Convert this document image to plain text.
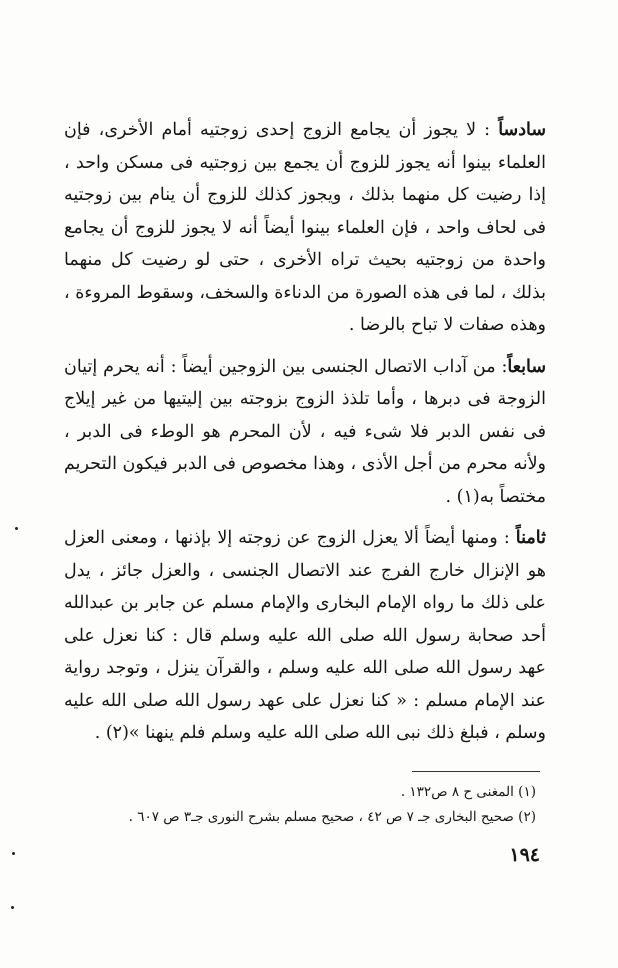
سادساً : لا يجوز أن يجامع الزوج إحدى زوجتيه أمام الأخرى، فإن العلماء بينوا أنه يجوز للزوج أن يجمع بين زوجتيه فى مسكن واحد ، إذا رضيت كل منهما بذلك ، ويجوز كذلك للزوج أن ينام بين زوجتيه فى لحاف واحد ، فإن العلماء بينوا أيضاً أنه لا يجوز للزوج أن يجامع واحدة من زوجتيه بحيث تراه الأخرى ، حتى لو رضيت كل منهما بذلك ، لما فى هذه الصورة من الدناءة والسخف، وسقوط المروءة ، وهذه صفات لا تباح بالرضا .

سابعاً: من آداب الاتصال الجنسى بين الزوجين أيضاً : أنه يحرم إتيان الزوجة فى دبرها ، وأما تلذذ الزوج بزوجته بين إليتيها من غير إيلاج فى نفس الدبر فلا شىء فيه ، لأن المحرم هو الوطء فى الدبر ، ولأنه محرم من أجل الأذى ، وهذا مخصوص فى الدبر فيكون التحريم مختصاً به(١) .

ثامناً : ومنها أيضاً ألا يعزل الزوج عن زوجته إلا بإذنها ، ومعنى العزل هو الإنزال خارج الفرج عند الاتصال الجنسى ، والعزل جائز ، يدل على ذلك ما رواه الإمام البخارى والإمام مسلم عن جابر بن عبدالله أحد صحابة رسول الله صلى الله عليه وسلم قال : كنا نعزل على عهد رسول الله صلى الله عليه وسلم ، والقرآن ينزل ، وتوجد رواية عند الإمام مسلم : « كنا نعزل على عهد رسول الله صلى الله عليه وسلم ، فبلغ ذلك نبى الله صلى الله عليه وسلم فلم ينهنا »(٢) .

(١) المغنى ح ٨ ص١٣٢ .

(٢) صحيح البخارى جـ ٧ ص ٤٢ ، صحيح مسلم بشرح النورى جـ٣ ص ٦٠٧ .

١٩٤
